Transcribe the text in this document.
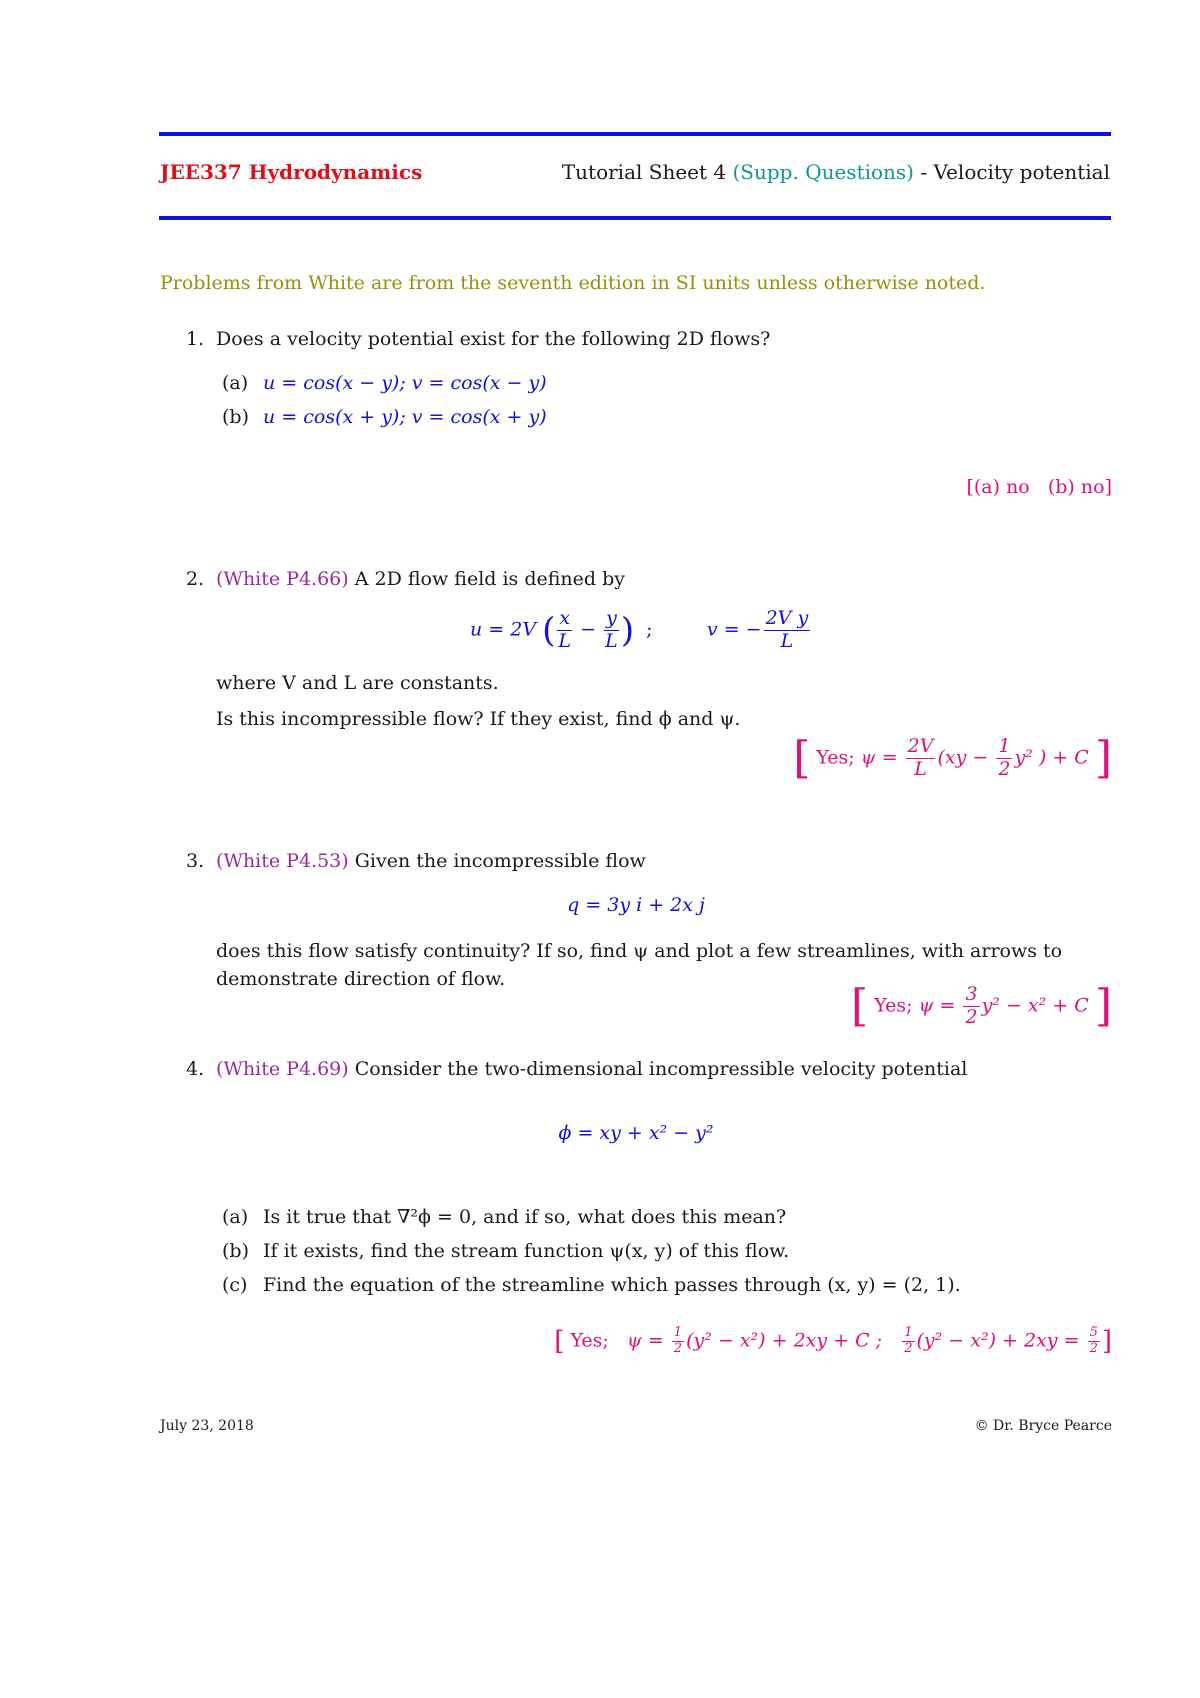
JEE337 Hydrodynamics	Tutorial Sheet 4 (Supp. Questions) - Velocity potential
Problems from White are from the seventh edition in SI units unless otherwise noted.
1. Does a velocity potential exist for the following 2D flows?
(a) u = cos(x − y); v = cos(x − y)
(b) u = cos(x + y); v = cos(x + y)
[(a) no   (b) no]
2. (White P4.66) A 2D flow field is defined by
u = 2V ( $\frac{x}{L} - \frac{y}{L}$ )  ;         v = − $\frac{\text{2V y}}{L}$
where V and L are constants.
Is this incompressible flow? If they exist, find ϕ and ψ.
[ Yes; $\psi = \frac{2V}{L} (xy - \frac{1}{2} y^2$ ) + C ]
3. (White P4.53) Given the incompressible flow
q = 3y i + 2x j
does this flow satisfy continuity? If so, find ψ and plot a few streamlines, with arrows to
demonstrate direction of flow.
[ Yes; $\psi = \frac{3}{2} y^2 - x^2 + C$ ]
4. (White P4.69) Consider the two-dimensional incompressible velocity potential
ϕ = xy + x² − y²
(a) Is it true that ∇²ϕ = 0, and if so, what does this mean?
(b) If it exists, find the stream function ψ(x, y) of this flow.
(c) Find the equation of the streamline which passes through (x, y) = (2, 1).
[ Yes; $\psi = \frac{1}{2} (y^2 - x^2) + 2xy + C$ ; $\frac{1}{2} (y^2 - x^2) + 2xy = \frac{5}{2}$ ]
July 23, 2018	© Dr. Bryce Pearce
